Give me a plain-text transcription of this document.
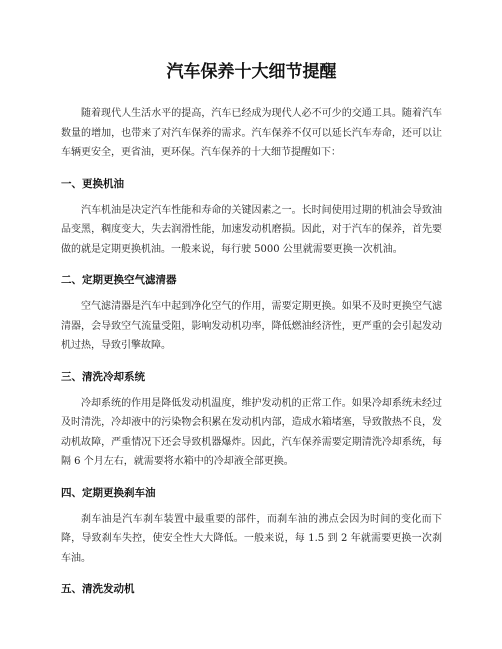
汽车保养十大细节提醒

随着现代人生活水平的提高，汽车已经成为现代人必不可少的交通工具。随着汽车数量的增加，也带来了对汽车保养的需求。汽车保养不仅可以延长汽车寿命，还可以让车辆更安全，更省油，更环保。汽车保养的十大细节提醒如下：

一、更换机油

汽车机油是决定汽车性能和寿命的关键因素之一。长时间使用过期的机油会导致油品变黑，稠度变大，失去润滑性能，加速发动机磨损。因此，对于汽车的保养，首先要做的就是定期更换机油。一般来说，每行驶 5000 公里就需要更换一次机油。

二、定期更换空气滤清器

空气滤清器是汽车中起到净化空气的作用，需要定期更换。如果不及时更换空气滤清器，会导致空气流量受阻，影响发动机功率，降低燃油经济性，更严重的会引起发动机过热，导致引擎故障。

三、清洗冷却系统

冷却系统的作用是降低发动机温度，维护发动机的正常工作。如果冷却系统未经过及时清洗，冷却液中的污染物会积累在发动机内部，造成水箱堵塞，导致散热不良，发动机故障，严重情况下还会导致机器爆炸。因此，汽车保养需要定期清洗冷却系统，每隔 6 个月左右，就需要将水箱中的冷却液全部更换。

四、定期更换刹车油

刹车油是汽车刹车装置中最重要的部件，而刹车油的沸点会因为时间的变化而下降，导致刹车失控，使安全性大大降低。一般来说，每 1.5 到 2 年就需要更换一次刹车油。

五、清洗发动机
